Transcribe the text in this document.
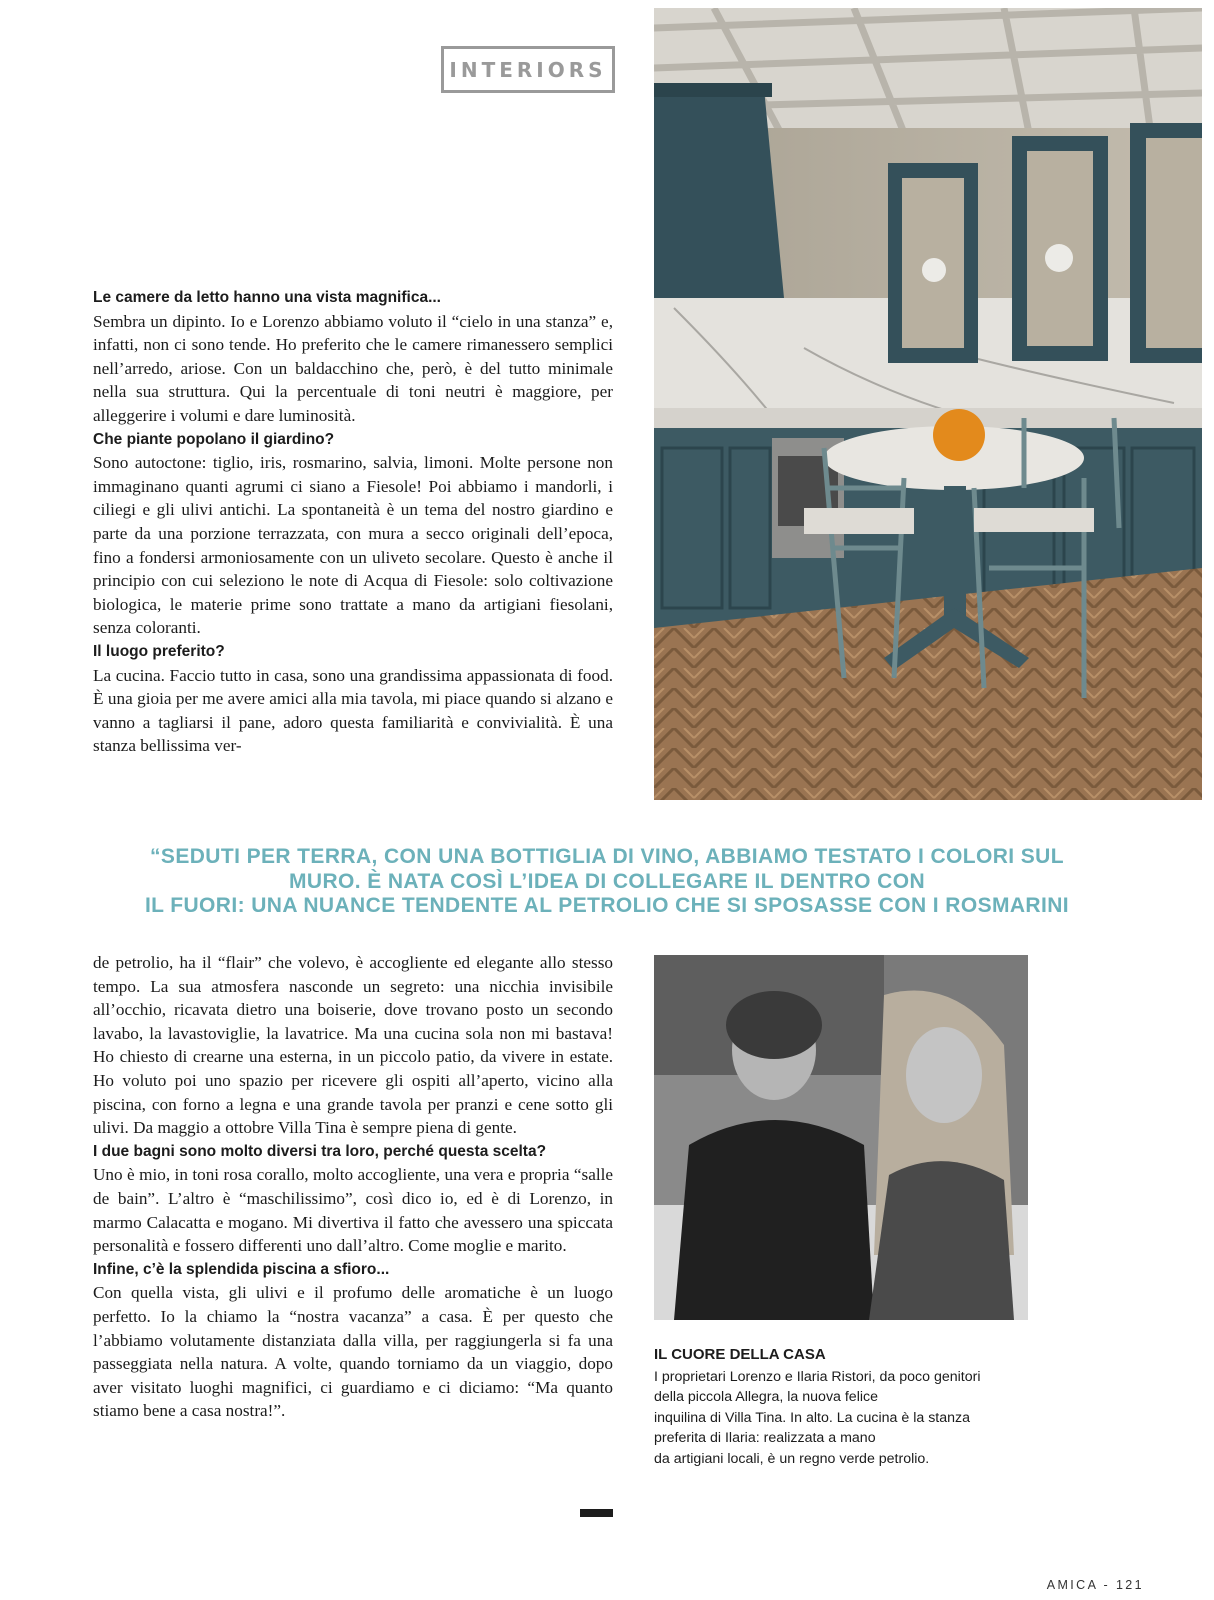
INTERIORS

Le camere da letto hanno una vista magnifica...

Sembra un dipinto. Io e Lorenzo abbiamo voluto il “cielo in una stanza” e, infatti, non ci sono tende. Ho preferito che le camere rimanessero semplici nell’arredo, ariose. Con un baldacchino che, però, è del tutto minimale nella sua struttura. Qui la percentuale di toni neutri è maggiore, per alleggerire i volumi e dare luminosità.

Che piante popolano il giardino?

Sono autoctone: tiglio, iris, rosmarino, salvia, limoni. Molte persone non immaginano quanti agrumi ci siano a Fiesole! Poi abbiamo i mandorli, i ciliegi e gli ulivi antichi. La spontaneità è un tema del nostro giardino e parte da una porzione terrazzata, con mura a secco originali dell’epoca, fino a fondersi armoniosamente con un uliveto secolare. Questo è anche il principio con cui seleziono le note di Acqua di Fiesole: solo coltivazione biologica, le materie prime sono trattate a mano da artigiani fiesolani, senza coloranti.

Il luogo preferito?

La cucina. Faccio tutto in casa, sono una grandissima appassionata di food. È una gioia per me avere amici alla mia tavola, mi piace quando si alzano e vanno a tagliarsi il pane, adoro questa familiarità e convivialità. È una stanza bellissima ver-

“SEDUTI PER TERRA, CON UNA BOTTIGLIA DI VINO, ABBIAMO TESTATO I COLORI SUL
MURO. È NATA COSÌ L’IDEA DI COLLEGARE IL DENTRO CON
IL FUORI: UNA NUANCE TENDENTE AL PETROLIO CHE SI SPOSASSE CON I ROSMARINI

de petrolio, ha il “flair” che volevo, è accogliente ed elegante allo stesso tempo. La sua atmosfera nasconde un segreto: una nicchia invisibile all’occhio, ricavata dietro una boiserie, dove trovano posto un secondo lavabo, la lavastoviglie, la lavatrice. Ma una cucina sola non mi bastava! Ho chiesto di crearne una esterna, in un piccolo patio, da vivere in estate. Ho voluto poi uno spazio per ricevere gli ospiti all’aperto, vicino alla piscina, con forno a legna e una grande tavola per pranzi e cene sotto gli ulivi. Da maggio a ottobre Villa Tina è sempre piena di gente.

I due bagni sono molto diversi tra loro, perché questa scelta?

Uno è mio, in toni rosa corallo, molto accogliente, una vera e propria “salle de bain”. L’altro è “maschilissimo”, così dico io, ed è di Lorenzo, in marmo Calacatta e mogano. Mi divertiva il fatto che avessero una spiccata personalità e fossero differenti uno dall’altro. Come moglie e marito.

Infine, c’è la splendida piscina a sfioro...

Con quella vista, gli ulivi e il profumo delle aromatiche è un luogo perfetto. Io la chiamo la “nostra vacanza” a casa. È per questo che l’abbiamo volutamente distanziata dalla villa, per raggiungerla si fa una passeggiata nella natura. A volte, quando torniamo da un viaggio, dopo aver visitato luoghi magnifici, ci guardiamo e ci diciamo: “Ma quanto stiamo bene a casa nostra!”.

IL CUORE DELLA CASA
I proprietari Lorenzo e Ilaria Ristori, da poco genitori
della piccola Allegra, la nuova felice
inquilina di Villa Tina. In alto. La cucina è la stanza
preferita di Ilaria: realizzata a mano
da artigiani locali, è un regno verde petrolio.
AMICA - 121
